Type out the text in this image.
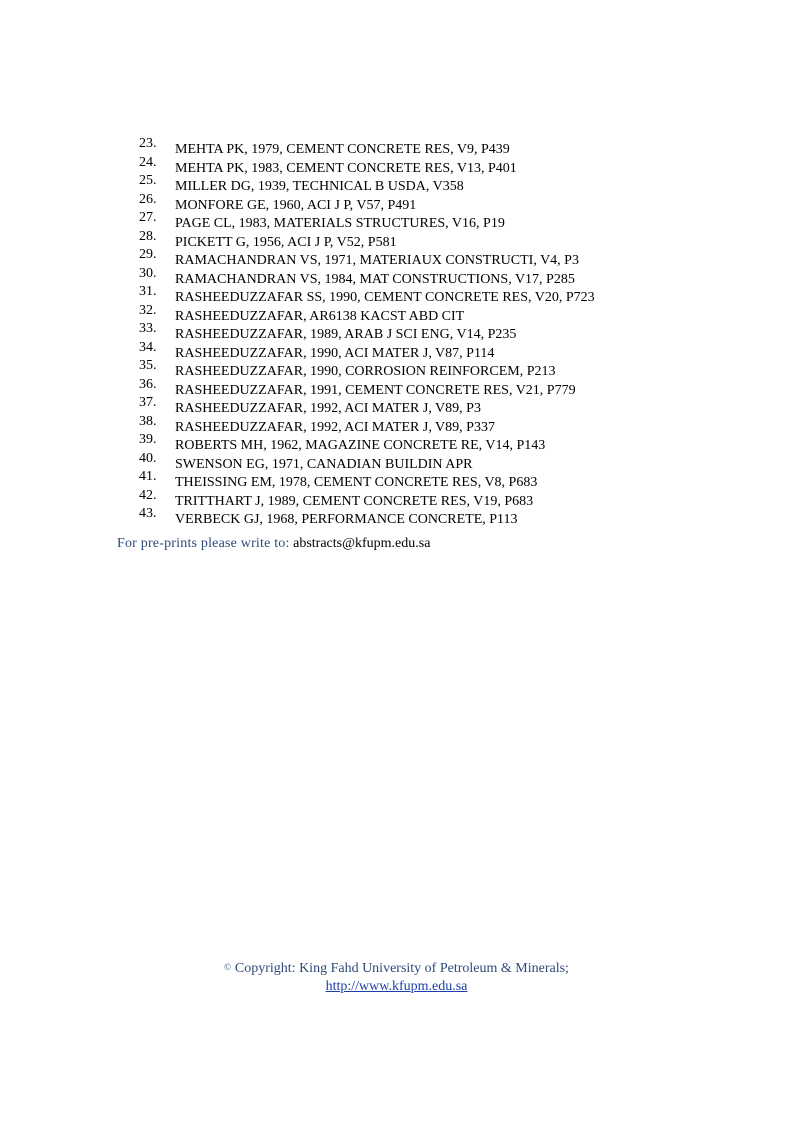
23.	MEHTA PK, 1979, CEMENT CONCRETE RES, V9, P439
24.	MEHTA PK, 1983, CEMENT CONCRETE RES, V13, P401
25.	MILLER DG, 1939, TECHNICAL B USDA, V358
26.	MONFORE GE, 1960, ACI J P, V57, P491
27.	PAGE CL, 1983, MATERIALS STRUCTURES, V16, P19
28.	PICKETT G, 1956, ACI J P, V52, P581
29.	RAMACHANDRAN VS, 1971, MATERIAUX CONSTRUCTI, V4, P3
30.	RAMACHANDRAN VS, 1984, MAT CONSTRUCTIONS, V17, P285
31.	RASHEEDUZZAFAR SS, 1990, CEMENT CONCRETE RES, V20, P723
32.	RASHEEDUZZAFAR, AR6138 KACST ABD CIT
33.	RASHEEDUZZAFAR, 1989, ARAB J SCI ENG, V14, P235
34.	RASHEEDUZZAFAR, 1990, ACI MATER J, V87, P114
35.	RASHEEDUZZAFAR, 1990, CORROSION REINFORCEM, P213
36.	RASHEEDUZZAFAR, 1991, CEMENT CONCRETE RES, V21, P779
37.	RASHEEDUZZAFAR, 1992, ACI MATER J, V89, P3
38.	RASHEEDUZZAFAR, 1992, ACI MATER J, V89, P337
39.	ROBERTS MH, 1962, MAGAZINE CONCRETE RE, V14, P143
40.	SWENSON EG, 1971, CANADIAN BUILDIN APR
41.	THEISSING EM, 1978, CEMENT CONCRETE RES, V8, P683
42.	TRITTHART J, 1989, CEMENT CONCRETE RES, V19, P683
43.	VERBECK GJ, 1968, PERFORMANCE CONCRETE, P113
For pre-prints please write to: abstracts@kfupm.edu.sa
© Copyright: King Fahd University of Petroleum & Minerals;
http://www.kfupm.edu.sa
